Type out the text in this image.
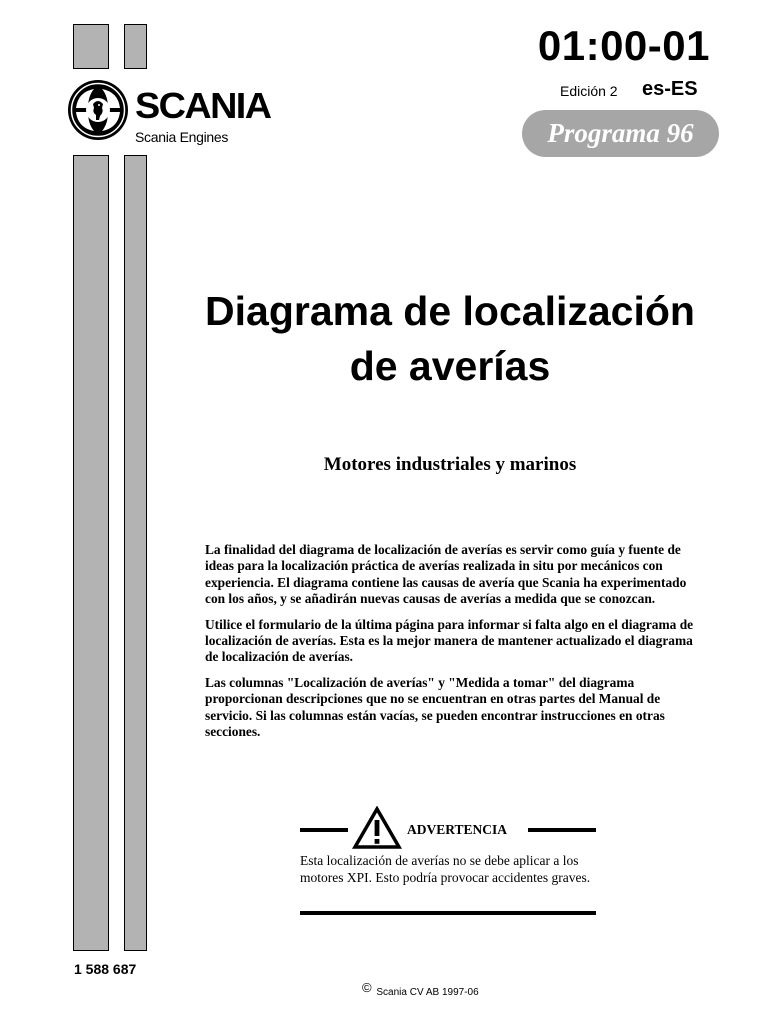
01:00-01
Edición 2 es-ES
Programa 96
SCANIA
Scania Engines
Diagrama de localización
de averías
Motores industriales y marinos

La finalidad del diagrama de localización de averías es servir como guía y fuente de ideas para la localización práctica de averías realizada in situ por mecánicos con experiencia. El diagrama contiene las causas de avería que Scania ha experimentado con los años, y se añadirán nuevas causas de averías a medida que se conozcan.

Utilice el formulario de la última página para informar si falta algo en el diagrama de localización de averías. Esta es la mejor manera de mantener actualizado el diagrama de localización de averías.

Las columnas "Localización de averías" y "Medida a tomar" del diagrama proporcionan descripciones que no se encuentran en otras partes del Manual de servicio. Si las columnas están vacías, se pueden encontrar instrucciones en otras secciones.

ADVERTENCIA
Esta localización de averías no se debe aplicar a los motores XPI. Esto podría provocar accidentes graves.
1 588 687
© Scania CV AB 1997-06
